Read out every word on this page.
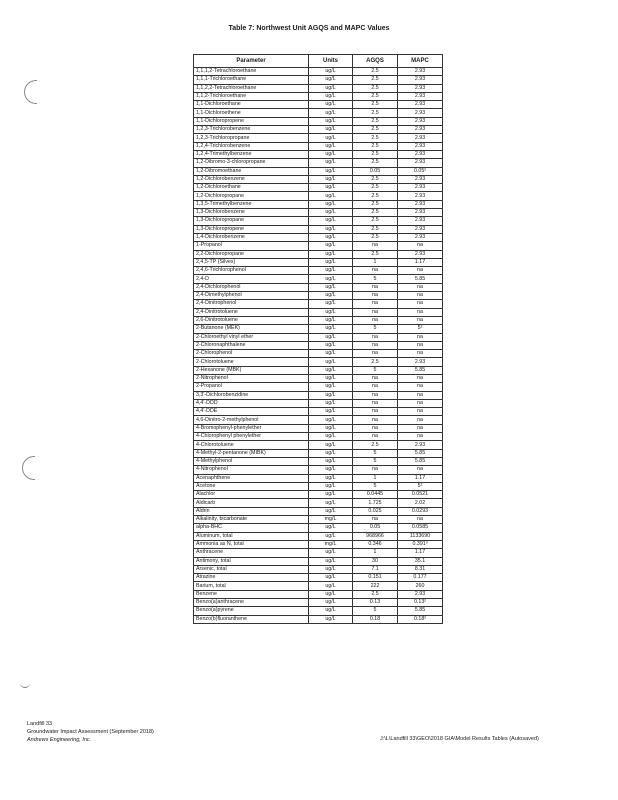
Table 7: Northwest Unit AGQS and MAPC Values
Parameter	Units	AGQS	MAPC
1,1,1,2-Tetrachloroethane	ug/L	2.5	2.93
1,1,1-Trichloroethane	ug/L	2.5	2.93
1,1,2,2-Tetrachloroethane	ug/L	2.5	2.93
1,1,2-Trichloroethane	ug/L	2.5	2.93
1,1-Dichloroethane	ug/L	2.5	2.93
1,1-Dichloroethene	ug/L	2.5	2.93
1,1-Dichloropropene	ug/L	2.5	2.93
1,2,3-Trichlorobenzene	ug/L	2.5	2.93
1,2,3-Trichloropropane	ug/L	2.5	2.93
1,2,4-Trichlorobenzene	ug/L	2.5	2.93
1,2,4-Trimethylbenzene	ug/L	2.5	2.93
1,2-Dibromo-3-chloropropane	ug/L	2.5	2.93
1,2-Dibromoethane	ug/L	0.05	0.05²
1,2-Dichlorobenzene	ug/L	2.5	2.93
1,2-Dichloroethane	ug/L	2.5	2.93
1,2-Dichloropropane	ug/L	2.5	2.93
1,3,5-Trimethylbenzene	ug/L	2.5	2.93
1,3-Dichlorobenzene	ug/L	2.5	2.93
1,3-Dichloropropane	ug/L	2.5	2.93
1,3-Dichloropropene	ug/L	2.5	2.93
1,4-Dichlorobenzene	ug/L	2.5	2.93
1-Propanol	ug/L	na	na
2,2-Dichloropropane	ug/L	2.5	2.93
2,4,5-TP (Silvex)	ug/L	1	1.17
2,4,6-Trichlorophenol	ug/L	na	na
2,4-D	ug/L	5	5.85
2,4-Dichlorophenol	ug/L	na	na
2,4-Dimethylphenol	ug/L	na	na
2,4-Dinitrophenol	ug/L	na	na
2,4-Dinitrotoluene	ug/L	na	na
2,6-Dinitrotoluene	ug/L	na	na
2-Butanone (MEK)	ug/L	5	5²
2-Chloroethyl vinyl ether	ug/L	na	na
2-Chloronaphthalene	ug/L	na	na
2-Chlorophenol	ug/L	na	na
2-Chlorotoluene	ug/L	2.5	2.93
2-Hexanone (MBK)	ug/L	5	5.85
2-Nitrophenol	ug/L	na	na
2-Propanol	ug/L	na	na
3,3'-Dichlorobenzidine	ug/L	na	na
4,4'-DDD	ug/L	na	na
4,4'-DDE	ug/L	na	na
4,6-Dinitro-2-methylphenol	ug/L	na	na
4-Bromophenyl-phenylether	ug/L	na	na
4-Chlorophenyl phenylether	ug/L	na	na
4-Chlorotoluene	ug/L	2.5	2.93
4-Methyl-2-pentanone (MIBK)	ug/L	5	5.85
4-Methylphenol	ug/L	5	5.85
4-Nitrophenol	ug/L	na	na
Acenaphthene	ug/L	1	1.17
Acetone	ug/L	5	5²
Alachlor	ug/L	0.0445	0.0521
Aldicarb	ug/L	1.725	2.02
Aldrin	ug/L	0.025	0.0293
Alkalinity, bicarbonate	mg/L	na	na
alpha-BHC	ug/L	0.05	0.0585
Aluminum, total	ug/L	968966	1133690
Ammonia as N, total	mg/L	0.346	0.391³
Anthracene	ug/L	1	1.17
Antimony, total	ug/L	30	35.1
Arsenic, total	ug/L	7.1	8.31
Atrazine	ug/L	0.151	0.177
Barium, total	ug/L	222	260
Benzene	ug/L	2.5	2.93
Benzo(a)anthracene	ug/L	0.13	0.13²
Benzo(a)pyrene	ug/L	5	5.85
Benzo(b)fluoranthene	ug/L	0.18	0.18²
Landfill 33
Groundwater Impact Assessment (September 2018)
Andrews Engineering, Inc.	J:\L\Landfill 33\GEO\2018 GIA\Model Results Tables (Autosaved)
